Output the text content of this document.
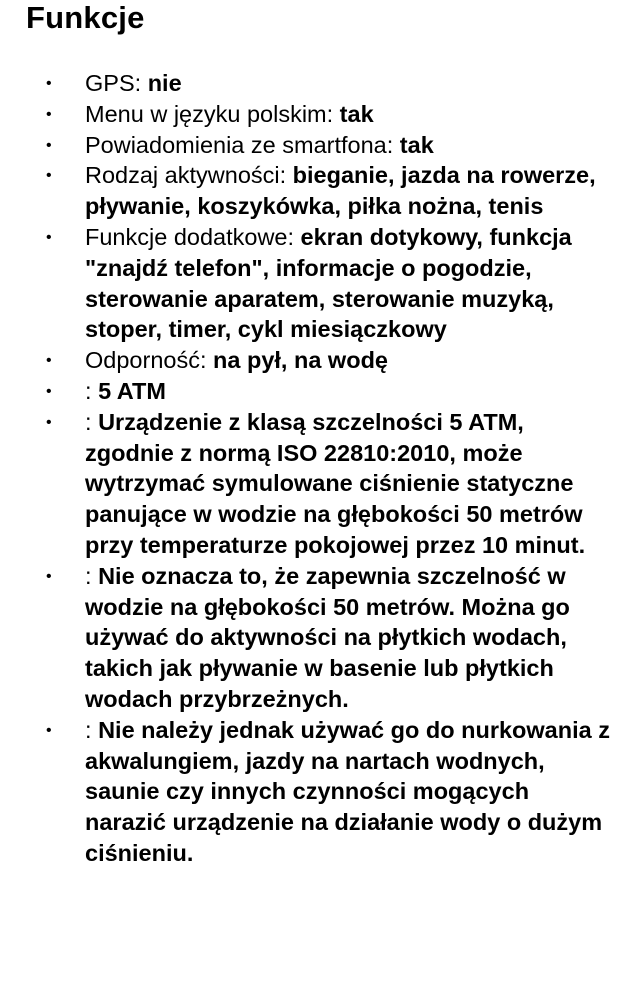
Funkcje
• GPS: nie
• Menu w języku polskim: tak
• Powiadomienia ze smartfona: tak
• Rodzaj aktywności: bieganie, jazda na rowerze, pływanie, koszykówka, piłka nożna, tenis
• Funkcje dodatkowe: ekran dotykowy, funkcja "znajdź telefon", informacje o pogodzie, sterowanie aparatem, sterowanie muzyką, stoper, timer, cykl miesiączkowy
• Odporność: na pył, na wodę
• : 5 ATM
• : Urządzenie z klasą szczelności 5 ATM, zgodnie z normą ISO 22810:2010, może wytrzymać symulowane ciśnienie statyczne panujące w wodzie na głębokości 50 metrów przy temperaturze pokojowej przez 10 minut.
• : Nie oznacza to, że zapewnia szczelność w wodzie na głębokości 50 metrów. Można go używać do aktywności na płytkich wodach, takich jak pływanie w basenie lub płytkich wodach przybrzeżnych.
• : Nie należy jednak używać go do nurkowania z akwalungiem, jazdy na nartach wodnych, saunie czy innych czynności mogących narazić urządzenie na działanie wody o dużym ciśnieniu.
